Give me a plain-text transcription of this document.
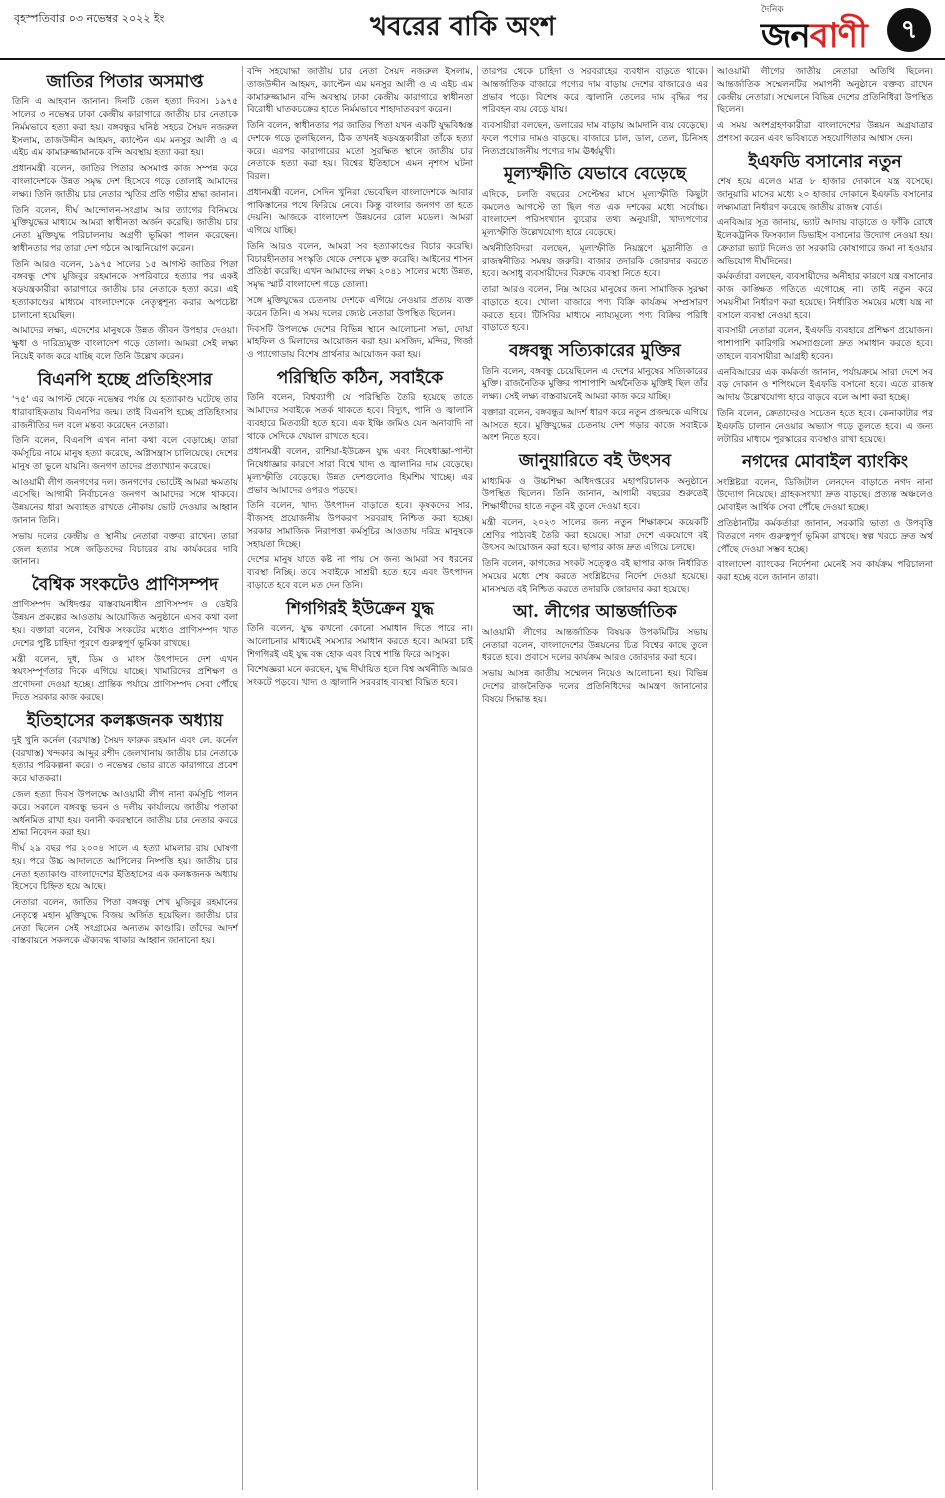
বৃহস্পতিবার ০৩ নভেম্বর ২০২২ ইং	খবরের বাকি অংশ
দৈনিক
জনবাণী	৭
জাতির পিতার অসমাপ্ত

তিনি এ আহবান জানান। দিনটি জেল হত্যা দিবস। ১৯৭৫ সালের ৩ নভেম্বর ঢাকা কেন্দ্রীয় কারাগারে জাতীয় চার নেতাকে নির্মমভাবে হত্যা করা হয়। বঙ্গবন্ধুর ঘনিষ্ঠ সহচর সৈয়দ নজরুল ইসলাম, তাজউদ্দীন আহমদ, ক্যাপ্টেন এম মনসুর আলী ও এ এইচ এম কামারুজ্জামানকে বন্দি অবস্থায় হত্যা করা হয়।

প্রধানমন্ত্রী বলেন, জাতির পিতার অসমাপ্ত কাজ সম্পন্ন করে বাংলাদেশকে উন্নত সমৃদ্ধ দেশ হিসেবে গড়ে তোলাই আমাদের লক্ষ্য। তিনি জাতীয় চার নেতার স্মৃতির প্রতি গভীর শ্রদ্ধা জানান।

তিনি বলেন, দীর্ঘ আন্দোলন-সংগ্রাম আর ত্যাগের বিনিময়ে মুক্তিযুদ্ধের মাধ্যমে আমরা স্বাধীনতা অর্জন করেছি। জাতীয় চার নেতা মুক্তিযুদ্ধ পরিচালনায় অগ্রণী ভূমিকা পালন করেছেন। স্বাধীনতার পর তারা দেশ গঠনে আত্মনিয়োগ করেন।

তিনি আরও বলেন, ১৯৭৫ সালের ১৫ আগস্ট জাতির পিতা বঙ্গবন্ধু শেখ মুজিবুর রহমানকে সপরিবারে হত্যার পর একই ষড়যন্ত্রকারীরা কারাগারে জাতীয় চার নেতাকে হত্যা করে। এই হত্যাকাণ্ডের মাধ্যমে বাংলাদেশকে নেতৃত্বশূন্য করার অপচেষ্টা চালানো হয়েছিল।

আমাদের লক্ষ্য, এদেশের মানুষকে উন্নত জীবন উপহার দেওয়া। ক্ষুধা ও দারিদ্র্যমুক্ত বাংলাদেশ গড়ে তোলা। আমরা সেই লক্ষ্য নিয়েই কাজ করে যাচ্ছি বলে তিনি উল্লেখ করেন।

বিএনপি হচ্ছে প্রতিহিংসার

'৭৫' এর আগস্ট থেকে নভেম্বর পর্যন্ত যে হত্যাকাণ্ড ঘটেছে তার ধারাবাহিকতায় বিএনপির জন্ম। তাই বিএনপি হচ্ছে প্রতিহিংসার রাজনীতির দল বলে মন্তব্য করেছেন নেতারা।

তিনি বলেন, বিএনপি এখন নানা কথা বলে বেড়াচ্ছে। তারা কর্মসূচির নামে মানুষ হত্যা করেছে, অগ্নিসন্ত্রাস চালিয়েছে। দেশের মানুষ তা ভুলে যায়নি। জনগণ তাদের প্রত্যাখ্যান করেছে।

আওয়ামী লীগ জনগণের দল। জনগণের ভোটেই আমরা ক্ষমতায় এসেছি। আগামী নির্বাচনেও জনগণ আমাদের সঙ্গে থাকবে। উন্নয়নের ধারা অব্যাহত রাখতে নৌকায় ভোট দেওয়ার আহ্বান জানান তিনি।

সভায় দলের কেন্দ্রীয় ও স্থানীয় নেতারা বক্তব্য রাখেন। তারা জেল হত্যার সঙ্গে জড়িতদের বিচারের রায় কার্যকরের দাবি জানান।

বৈশ্বিক সংকটেও প্রাণিসম্পদ

প্রাণিসম্পদ অধিদপ্তর বাস্তবায়নাধীন প্রাণিসম্পদ ও ডেইরি উন্নয়ন প্রকল্পের আওতায় আয়োজিত অনুষ্ঠানে এসব কথা বলা হয়। বক্তারা বলেন, বৈশ্বিক সংকটের মধ্যেও প্রাণিসম্পদ খাত দেশের পুষ্টি চাহিদা পূরণে গুরুত্বপূর্ণ ভূমিকা রাখছে।

মন্ত্রী বলেন, দুধ, ডিম ও মাংস উৎপাদনে দেশ এখন স্বয়ংসম্পূর্ণতার দিকে এগিয়ে যাচ্ছে। খামারিদের প্রশিক্ষণ ও প্রণোদনা দেওয়া হচ্ছে। প্রান্তিক পর্যায়ে প্রাণিসম্পদ সেবা পৌঁছে দিতে সরকার কাজ করছে।

ইতিহাসের কলঙ্কজনক অধ্যায়

দুই খুনি কর্নেল (বরখাস্ত) সৈয়দ ফারুক রহমান এবং লে. কর্নেল (বরখাস্ত) খন্দকার আব্দুর রশীদ জেলখানায় জাতীয় চার নেতাকে হত্যার পরিকল্পনা করে। ৩ নভেম্বর ভোর রাতে কারাগারে প্রবেশ করে ঘাতকরা।

জেল হত্যা দিবস উপলক্ষে আওয়ামী লীগ নানা কর্মসূচি পালন করে। সকালে বঙ্গবন্ধু ভবন ও দলীয় কার্যালয়ে জাতীয় পতাকা অর্ধনমিত রাখা হয়। বনানী কবরস্থানে জাতীয় চার নেতার কবরে শ্রদ্ধা নিবেদন করা হয়।

দীর্ঘ ২৯ বছর পর ২০০৪ সালে এ হত্যা মামলার রায় ঘোষণা হয়। পরে উচ্চ আদালতে আপিলের নিষ্পত্তি হয়। জাতীয় চার নেতা হত্যাকাণ্ড বাংলাদেশের ইতিহাসের এক কলঙ্কজনক অধ্যায় হিসেবে চিহ্নিত হয়ে আছে।

নেতারা বলেন, জাতির পিতা বঙ্গবন্ধু শেখ মুজিবুর রহমানের নেতৃত্বে মহান মুক্তিযুদ্ধে বিজয় অর্জিত হয়েছিল। জাতীয় চার নেতা ছিলেন সেই সংগ্রামের অন্যতম কাণ্ডারি। তাঁদের আদর্শ বাস্তবায়নে সকলকে ঐক্যবদ্ধ থাকার আহ্বান জানানো হয়।

বন্দি সহযোদ্ধা জাতীয় চার নেতা সৈয়দ নজরুল ইসলাম, তাজউদ্দীন আহমদ, ক্যাপ্টেন এম মনসুর আলী ও এ এইচ এম কামারুজ্জামান বন্দি অবস্থায় ঢাকা কেন্দ্রীয় কারাগারে স্বাধীনতা বিরোধী ঘাতকচক্রের হাতে নির্মমভাবে শাহাদাতবরণ করেন।

তিনি বলেন, স্বাধীনতার পর জাতির পিতা যখন একটি যুদ্ধবিধ্বস্ত দেশকে গড়ে তুলছিলেন, ঠিক তখনই ষড়যন্ত্রকারীরা তাঁকে হত্যা করে। এরপর কারাগারের মতো সুরক্ষিত স্থানে জাতীয় চার নেতাকে হত্যা করা হয়। বিশ্বের ইতিহাসে এমন নৃশংস ঘটনা বিরল।

প্রধানমন্ত্রী বলেন, সেদিন খুনিরা ভেবেছিল বাংলাদেশকে আবার পাকিস্তানের পথে ফিরিয়ে নেবে। কিন্তু বাংলার জনগণ তা হতে দেয়নি। আজকে বাংলাদেশ উন্নয়নের রোল মডেল। আমরা এগিয়ে যাচ্ছি।

তিনি আরও বলেন, আমরা সব হত্যাকাণ্ডের বিচার করেছি। বিচারহীনতার সংস্কৃতি থেকে দেশকে মুক্ত করেছি। আইনের শাসন প্রতিষ্ঠা করেছি। এখন আমাদের লক্ষ্য ২০৪১ সালের মধ্যে উন্নত, সমৃদ্ধ স্মার্ট বাংলাদেশ গড়ে তোলা।

সঙ্গে মুক্তিযুদ্ধের চেতনায় দেশকে এগিয়ে নেওয়ার প্রত্যয় ব্যক্ত করেন তিনি। এ সময় দলের জ্যেষ্ঠ নেতারা উপস্থিত ছিলেন।

দিবসটি উপলক্ষে দেশের বিভিন্ন স্থানে আলোচনা সভা, দোয়া মাহফিল ও মিলাদের আয়োজন করা হয়। মসজিদ, মন্দির, গির্জা ও প্যাগোডায় বিশেষ প্রার্থনার আয়োজন করা হয়।

পরিস্থিতি কঠিন, সবাইকে

তিনি বলেন, বিশ্বব্যাপী যে পরিস্থিতি তৈরি হয়েছে তাতে আমাদের সবাইকে সতর্ক থাকতে হবে। বিদ্যুৎ, পানি ও জ্বালানি ব্যবহারে মিতব্যয়ী হতে হবে। এক ইঞ্চি জমিও যেন অনাবাদি না থাকে সেদিকে খেয়াল রাখতে হবে।

প্রধানমন্ত্রী বলেন, রাশিয়া-ইউক্রেন যুদ্ধ এবং নিষেধাজ্ঞা-পাল্টা নিষেধাজ্ঞার কারণে সারা বিশ্বে খাদ্য ও জ্বালানির দাম বেড়েছে। মূল্যস্ফীতি বেড়েছে। উন্নত দেশগুলোও হিমশিম খাচ্ছে। এর প্রভাব আমাদের ওপরও পড়ছে।

তিনি বলেন, খাদ্য উৎপাদন বাড়াতে হবে। কৃষকদের সার, বীজসহ প্রয়োজনীয় উপকরণ সরবরাহ নিশ্চিত করা হচ্ছে। সরকার সামাজিক নিরাপত্তা কর্মসূচির আওতায় দরিদ্র মানুষকে সহায়তা দিচ্ছে।

দেশের মানুষ যাতে কষ্ট না পায় সে জন্য আমরা সব ধরনের ব্যবস্থা নিচ্ছি। তবে সবাইকে সাশ্রয়ী হতে হবে এবং উৎপাদন বাড়াতে হবে বলে মত দেন তিনি।

শিগগিরই ইউক্রেন যুদ্ধ

তিনি বলেন, যুদ্ধ কখনো কোনো সমাধান দিতে পারে না। আলোচনার মাধ্যমেই সমস্যার সমাধান করতে হবে। আমরা চাই শিগগিরই এই যুদ্ধ বন্ধ হোক এবং বিশ্বে শান্তি ফিরে আসুক।

বিশেষজ্ঞরা মনে করছেন, যুদ্ধ দীর্ঘায়িত হলে বিশ্ব অর্থনীতি আরও সংকটে পড়বে। খাদ্য ও জ্বালানি সরবরাহ ব্যবস্থা বিঘ্নিত হবে।

তারপর থেকে চাহিদা ও সরবরাহের ব্যবধান বাড়তে থাকে। আন্তর্জাতিক বাজারে পণ্যের দাম বাড়ায় দেশের বাজারেও এর প্রভাব পড়ে। বিশেষ করে জ্বালানি তেলের দাম বৃদ্ধির পর পরিবহন ব্যয় বেড়ে যায়।

ব্যবসায়ীরা বলছেন, ডলারের দাম বাড়ায় আমদানি ব্যয় বেড়েছে। ফলে পণ্যের দামও বাড়ছে। বাজারে চাল, ডাল, তেল, চিনিসহ নিত্যপ্রয়োজনীয় পণ্যের দাম ঊর্ধ্বমুখী।

মূল্যস্ফীতি যেভাবে বেড়েছে

এদিকে, চলতি বছরের সেপ্টেম্বর মাসে মূল্যস্ফীতি কিছুটা কমলেও আগস্টে তা ছিল গত এক দশকের মধ্যে সর্বোচ্চ। বাংলাদেশ পরিসংখ্যান ব্যুরোর তথ্য অনুযায়ী, খাদ্যপণ্যের মূল্যস্ফীতি উল্লেখযোগ্য হারে বেড়েছে।

অর্থনীতিবিদরা বলছেন, মূল্যস্ফীতি নিয়ন্ত্রণে মুদ্রানীতি ও রাজস্বনীতির সমন্বয় জরুরি। বাজার তদারকি জোরদার করতে হবে। অসাধু ব্যবসায়ীদের বিরুদ্ধে ব্যবস্থা নিতে হবে।

তারা আরও বলেন, নিম্ন আয়ের মানুষের জন্য সামাজিক সুরক্ষা বাড়াতে হবে। খোলা বাজারে পণ্য বিক্রি কার্যক্রম সম্প্রসারণ করতে হবে। টিসিবির মাধ্যমে ন্যায্যমূল্যে পণ্য বিক্রির পরিধি বাড়াতে হবে।

বঙ্গবন্ধু সত্যিকারের মুক্তির

তিনি বলেন, বঙ্গবন্ধু চেয়েছিলেন এ দেশের মানুষের সত্যিকারের মুক্তি। রাজনৈতিক মুক্তির পাশাপাশি অর্থনৈতিক মুক্তিই ছিল তাঁর লক্ষ্য। সেই লক্ষ্য বাস্তবায়নেই আমরা কাজ করে যাচ্ছি।

বক্তারা বলেন, বঙ্গবন্ধুর আদর্শ ধারণ করে নতুন প্রজন্মকে এগিয়ে আসতে হবে। মুক্তিযুদ্ধের চেতনায় দেশ গড়ার কাজে সবাইকে অংশ নিতে হবে।

জানুয়ারিতে বই উৎসব

মাধ্যমিক ও উচ্চশিক্ষা অধিদপ্তরের মহাপরিচালক অনুষ্ঠানে উপস্থিত ছিলেন। তিনি জানান, আগামী বছরের শুরুতেই শিক্ষার্থীদের হাতে নতুন বই তুলে দেওয়া হবে।

মন্ত্রী বলেন, ২০২৩ সালের জন্য নতুন শিক্ষাক্রমে কয়েকটি শ্রেণির পাঠ্যবই তৈরি করা হয়েছে। সারা দেশে একযোগে বই উৎসব আয়োজন করা হবে। ছাপার কাজ দ্রুত এগিয়ে চলছে।

তিনি বলেন, কাগজের সংকট সত্ত্বেও বই ছাপার কাজ নির্ধারিত সময়ের মধ্যে শেষ করতে সংশ্লিষ্টদের নির্দেশ দেওয়া হয়েছে। মানসম্মত বই নিশ্চিত করতে তদারকি জোরদার করা হয়েছে।

আ. লীগের আন্তর্জাতিক

আওয়ামী লীগের আন্তর্জাতিক বিষয়ক উপকমিটির সভায় নেতারা বলেন, বাংলাদেশের উন্নয়নের চিত্র বিশ্বের কাছে তুলে ধরতে হবে। প্রবাসে দলের কার্যক্রম আরও জোরদার করা হবে।

সভায় আসন্ন জাতীয় সম্মেলন নিয়েও আলোচনা হয়। বিভিন্ন দেশের রাজনৈতিক দলের প্রতিনিধিদের আমন্ত্রণ জানানোর বিষয়ে সিদ্ধান্ত হয়।

আওয়ামী লীগের জাতীয় নেতারা অতিথি ছিলেন। আন্তর্জাতিক সম্মেলনটির সমাপনী অনুষ্ঠানে বক্তব্য রাখেন কেন্দ্রীয় নেতারা। সম্মেলনে বিভিন্ন দেশের প্রতিনিধিরা উপস্থিত ছিলেন।

এ সময় অংশগ্রহণকারীরা বাংলাদেশের উন্নয়ন অগ্রযাত্রার প্রশংসা করেন এবং ভবিষ্যতে সহযোগিতার আশ্বাস দেন।

ইএফডি বসানোর নতুন

শেষ হয়ে এলেও মাত্র ৮ হাজার দোকানে যন্ত্র বসেছে। জানুয়ারি মাসের মধ্যে ২০ হাজার দোকানে ইএফডি বসানোর লক্ষ্যমাত্রা নির্ধারণ করেছে জাতীয় রাজস্ব বোর্ড।

এনবিআর সূত্র জানায়, ভ্যাট আদায় বাড়াতে ও ফাঁকি রোধে ইলেকট্রনিক ফিসক্যাল ডিভাইস বসানোর উদ্যোগ নেওয়া হয়। ক্রেতারা ভ্যাট দিলেও তা সরকারি কোষাগারে জমা না হওয়ার অভিযোগ দীর্ঘদিনের।

কর্মকর্তারা বলছেন, ব্যবসায়ীদের অনীহার কারণে যন্ত্র বসানোর কাজ কাঙ্ক্ষিত গতিতে এগোচ্ছে না। তাই নতুন করে সময়সীমা নির্ধারণ করা হয়েছে। নির্ধারিত সময়ের মধ্যে যন্ত্র না বসালে ব্যবস্থা নেওয়া হবে।

ব্যবসায়ী নেতারা বলেন, ইএফডি ব্যবহারে প্রশিক্ষণ প্রয়োজন। পাশাপাশি কারিগরি সমস্যাগুলো দ্রুত সমাধান করতে হবে। তাহলে ব্যবসায়ীরা আগ্রহী হবেন।

এনবিআরের এক কর্মকর্তা জানান, পর্যায়ক্রমে সারা দেশে সব বড় দোকান ও শপিংমলে ইএফডি বসানো হবে। এতে রাজস্ব আদায় উল্লেখযোগ্য হারে বাড়বে বলে আশা করা হচ্ছে।

তিনি বলেন, ক্রেতাদেরও সচেতন হতে হবে। কেনাকাটার পর ইএফডি চালান নেওয়ার অভ্যাস গড়ে তুলতে হবে। এ জন্য লটারির মাধ্যমে পুরস্কারের ব্যবস্থাও রাখা হয়েছে।

নগদের মোবাইল ব্যাংকিং

সংশ্লিষ্টরা বলেন, ডিজিটাল লেনদেন বাড়াতে নগদ নানা উদ্যোগ নিয়েছে। গ্রাহকসংখ্যা দ্রুত বাড়ছে। প্রত্যন্ত অঞ্চলেও মোবাইল আর্থিক সেবা পৌঁছে দেওয়া হচ্ছে।

প্রতিষ্ঠানটির কর্মকর্তারা জানান, সরকারি ভাতা ও উপবৃত্তি বিতরণে নগদ গুরুত্বপূর্ণ ভূমিকা রাখছে। স্বল্প খরচে দ্রুত অর্থ পৌঁছে দেওয়া সম্ভব হচ্ছে।

বাংলাদেশ ব্যাংকের নির্দেশনা মেনেই সব কার্যক্রম পরিচালনা করা হচ্ছে বলে জানান তারা।
